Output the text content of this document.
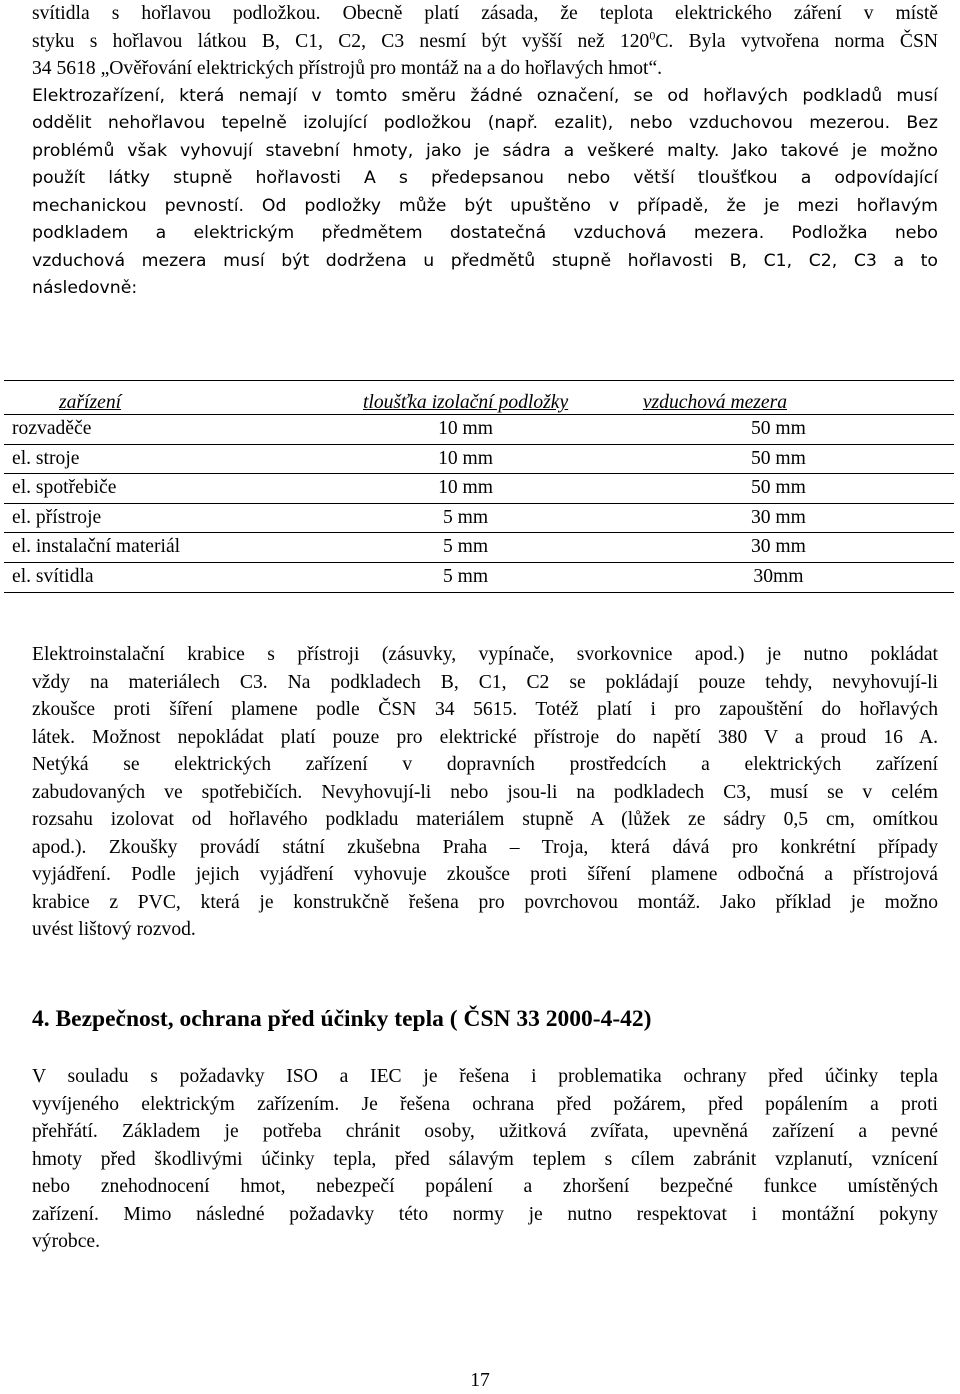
svítidla s hořlavou podložkou. Obecně platí zásada, že teplota elektrického záření v místě
styku s hořlavou látkou B, C1, C2, C3 nesmí být vyšší než $120^0C$. Byla vytvořena norma ČSN
34 5618 „Ověřování elektrických přístrojů pro montáž na a do hořlavých hmot“.
Elektrozařízení, která nemají v tomto směru žádné označení, se od hořlavých podkladů musí
oddělit nehořlavou tepelně izolující podložkou (např. ezalit), nebo vzduchovou mezerou. Bez
problémů však vyhovují stavební hmoty, jako je sádra a veškeré malty. Jako takové je možno
použít látky stupně hořlavosti A s předepsanou nebo větší tloušťkou a odpovídající
mechanickou pevností. Od podložky může být upuštěno v případě, že je mezi hořlavým
podkladem a elektrickým předmětem dostatečná vzduchová mezera. Podložka nebo
vzduchová mezera musí být dodržena u předmětů stupně hořlavosti B, C1, C2, C3 a to
následovně:
zařízení	tloušťka izolační podložky	vzduchová mezera
rozvaděče	10 mm	50 mm
el. stroje	10 mm	50 mm
el. spotřebiče	10 mm	50 mm
el. přístroje	5 mm	30 mm
el. instalační materiál	5 mm	30 mm
el. svítidla	5 mm	30mm
Elektroinstalační krabice s přístroji (zásuvky, vypínače, svorkovnice apod.) je nutno pokládat
vždy na materiálech C3. Na podkladech B, C1, C2 se pokládají pouze tehdy, nevyhovují-li
zkoušce proti šíření plamene podle ČSN 34 5615. Totéž platí i pro zapouštění do hořlavých
látek. Možnost nepokládat platí pouze pro elektrické přístroje do napětí 380 V a proud 16 A.
Netýká se elektrických zařízení v dopravních prostředcích a elektrických zařízení
zabudovaných ve spotřebičích. Nevyhovují-li nebo jsou-li na podkladech C3, musí se v celém
rozsahu izolovat od hořlavého podkladu materiálem stupně A (lůžek ze sádry 0,5 cm, omítkou
apod.). Zkoušky provádí státní zkušebna Praha – Troja, která dává pro konkrétní případy
vyjádření. Podle jejich vyjádření vyhovuje zkoušce proti šíření plamene odbočná a přístrojová
krabice z PVC, která je konstrukčně řešena pro povrchovou montáž. Jako příklad je možno
uvést lištový rozvod.
4. Bezpečnost, ochrana před účinky tepla ( ČSN 33 2000-4-42)
V souladu s požadavky ISO a IEC je řešena i problematika ochrany před účinky tepla
vyvíjeného elektrickým zařízením. Je řešena ochrana před požárem, před popálením a proti
přehřátí. Základem je potřeba chránit osoby, užitková zvířata, upevněná zařízení a pevné
hmoty před škodlivými účinky tepla, před sálavým teplem s cílem zabránit vzplanutí, vznícení
nebo znehodnocení hmot, nebezpečí popálení a zhoršení bezpečné funkce umístěných
zařízení. Mimo následné požadavky této normy je nutno respektovat i montážní pokyny
výrobce.
17
